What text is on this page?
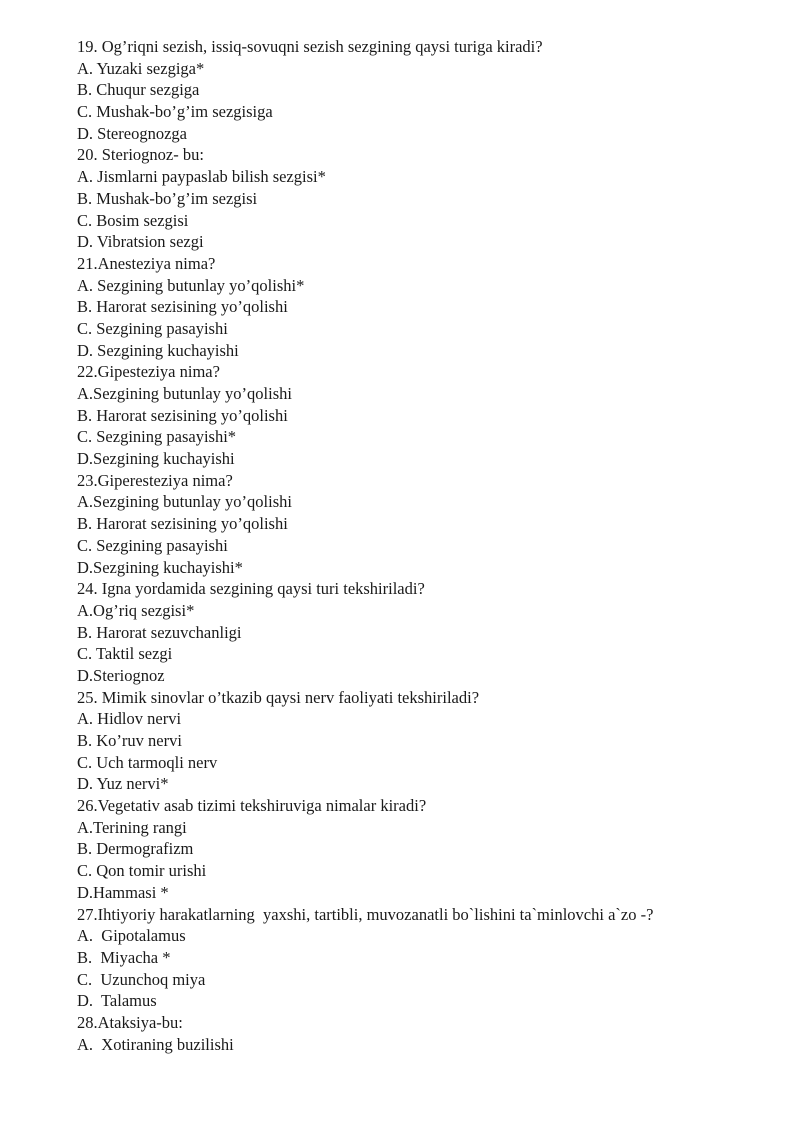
19. Og’riqni sezish, issiq-sovuqni sezish sezgining qaysi turiga kiradi?
A. Yuzaki sezgiga*
B. Chuqur sezgiga
C. Mushak-bo’g’im sezgisiga
D. Stereognozga
20. Steriognoz- bu:
A. Jismlarni paypaslab bilish sezgisi*
B. Mushak-bo’g’im sezgisi
C. Bosim sezgisi
D. Vibratsion sezgi
21.Anesteziya nima?
A. Sezgining butunlay yo’qolishi*
B. Harorat sezisining yo’qolishi
C. Sezgining pasayishi
D. Sezgining kuchayishi
22.Gipesteziya nima?
A.Sezgining butunlay yo’qolishi
B. Harorat sezisining yo’qolishi
C. Sezgining pasayishi*
D.Sezgining kuchayishi
23.Giperesteziya nima?
A.Sezgining butunlay yo’qolishi
B. Harorat sezisining yo’qolishi
C. Sezgining pasayishi
D.Sezgining kuchayishi*
24. Igna yordamida sezgining qaysi turi tekshiriladi?
A.Og’riq sezgisi*
B. Harorat sezuvchanligi
C. Taktil sezgi
D.Steriognoz
25. Mimik sinovlar o’tkazib qaysi nerv faoliyati tekshiriladi?
A. Hidlov nervi
B. Ko’ruv nervi
C. Uch tarmoqli nerv
D. Yuz nervi*
26.Vegetativ asab tizimi tekshiruviga nimalar kiradi?
A.Terining rangi
B. Dermografizm
C. Qon tomir urishi
D.Hammasi *
27.Ihtiyoriy harakatlarning  yaxshi, tartibli, muvozanatli bo`lishini ta`minlovchi a`zo -?
A.  Gipotalamus
B.  Miyacha *
C.  Uzunchoq miya
D.  Talamus
28.Ataksiya-bu:
A.  Xotiraning buzilishi
